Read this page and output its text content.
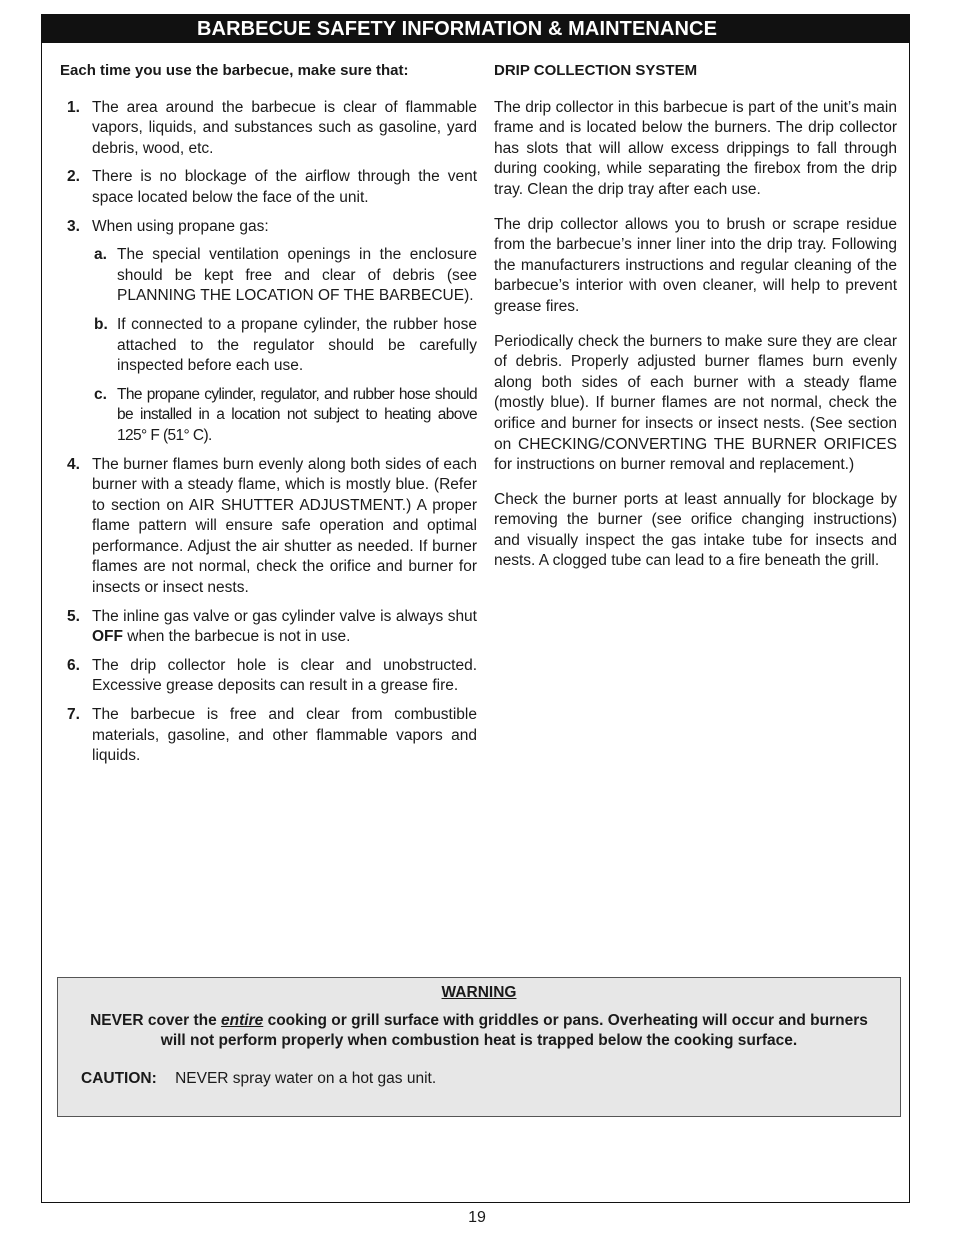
BARBECUE SAFETY INFORMATION & MAINTENANCE

Each time you use the barbecue, make sure that:

1. The area around the barbecue is clear of flammable vapors, liquids, and substances such as gasoline, yard debris, wood, etc.
2. There is no blockage of the airflow through the vent space located below the face of the unit.
3. When using propane gas:
a. The special ventilation openings in the enclosure should be kept free and clear of debris (see PLANNING THE LOCATION OF THE BARBECUE).
b. If connected to a propane cylinder, the rubber hose attached to the regulator should be carefully inspected before each use.
c. The propane cylinder, regulator, and rubber hose should be installed in a location not subject to heating above 125° F (51° C).
4. The burner flames burn evenly along both sides of each burner with a steady flame, which is mostly blue. (Refer to section on AIR SHUTTER ADJUSTMENT.) A proper flame pattern will ensure safe operation and optimal performance. Adjust the air shutter as needed. If burner flames are not normal, check the orifice and burner for insects or insect nests.
5. The inline gas valve or gas cylinder valve is always shut OFF when the barbecue is not in use.
6. The drip collector hole is clear and unobstructed. Excessive grease deposits can result in a grease fire.
7. The barbecue is free and clear from combustible materials, gasoline, and other flammable vapors and liquids.

DRIP COLLECTION SYSTEM

The drip collector in this barbecue is part of the unit’s main frame and is located below the burners. The drip collector has slots that will allow excess drippings to fall through during cooking, while separating the firebox from the drip tray. Clean the drip tray after each use.

The drip collector allows you to brush or scrape residue from the barbecue’s inner liner into the drip tray. Following the manufacturers instructions and regular cleaning of the barbecue’s interior with oven cleaner, will help to prevent grease fires.

Periodically check the burners to make sure they are clear of debris. Properly adjusted burner flames burn evenly along both sides of each burner with a steady flame (mostly blue). If burner flames are not normal, check the orifice and burner for insects or insect nests. (See section on CHECKING/CONVERTING THE BURNER ORIFICES for instructions on burner removal and replacement.)

Check the burner ports at least annually for blockage by removing the burner (see orifice changing instructions) and visually inspect the gas intake tube for insects and nests. A clogged tube can lead to a fire beneath the grill.

WARNING
NEVER cover the entire cooking or grill surface with griddles or pans. Overheating will occur and burners will not perform properly when combustion heat is trapped below the cooking surface.
CAUTION: NEVER spray water on a hot gas unit.
19
